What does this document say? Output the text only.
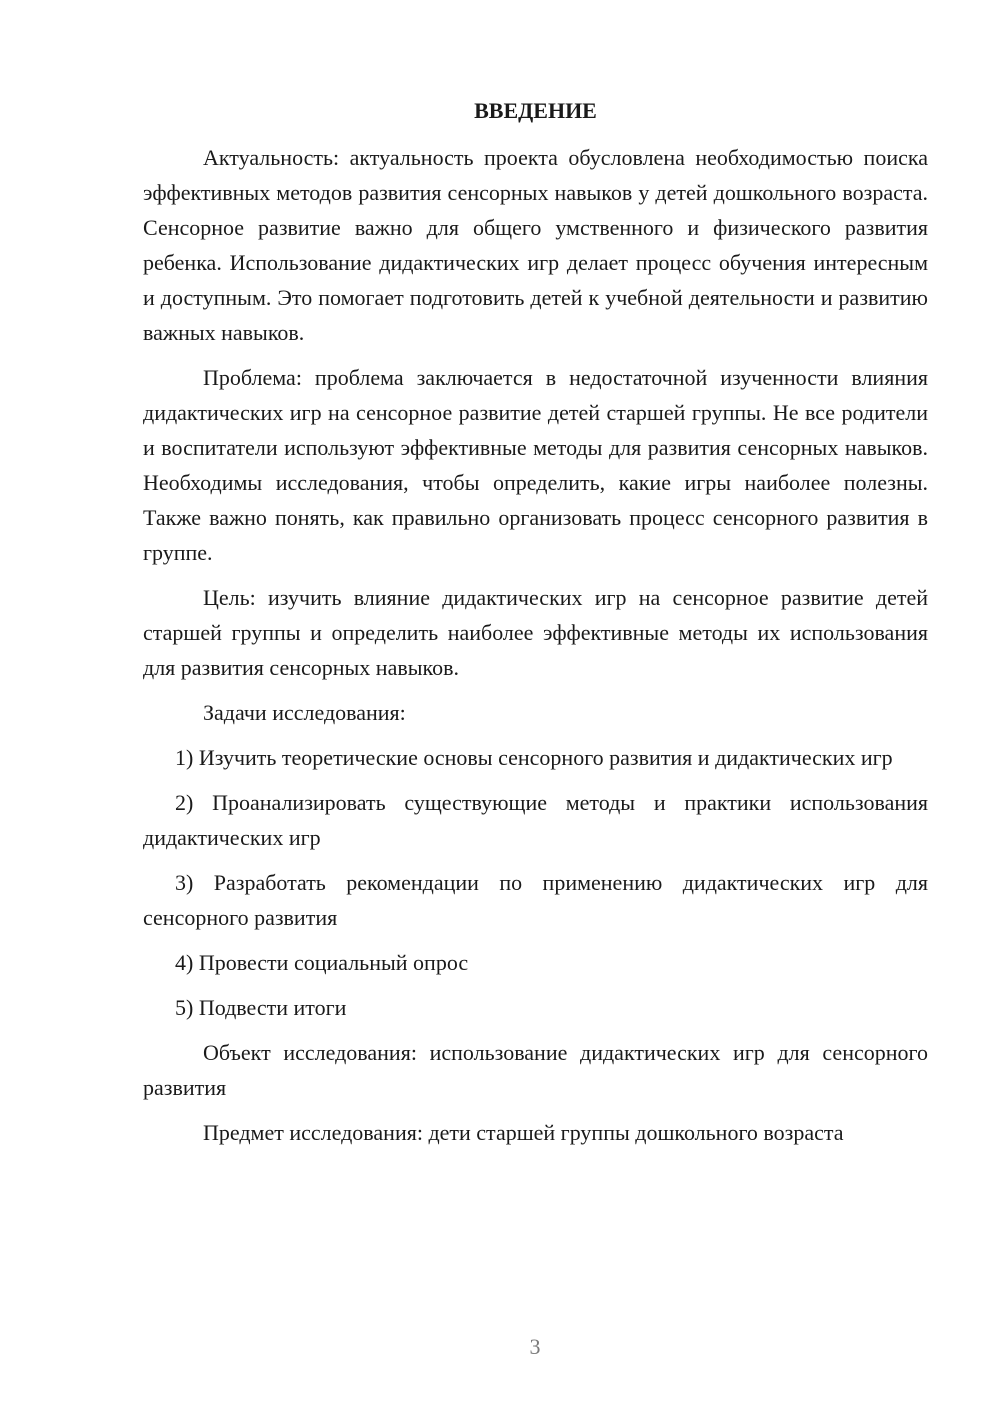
ВВЕДЕНИЕ

Актуальность: актуальность проекта обусловлена необходимостью поиска эффективных методов развития сенсорных навыков у детей дошкольного возраста. Сенсорное развитие важно для общего умственного и физического развития ребенка. Использование дидактических игр делает процесс обучения интересным и доступным. Это помогает подготовить детей к учебной деятельности и развитию важных навыков.

Проблема: проблема заключается в недостаточной изученности влияния дидактических игр на сенсорное развитие детей старшей группы. Не все родители и воспитатели используют эффективные методы для развития сенсорных навыков. Необходимы исследования, чтобы определить, какие игры наиболее полезны. Также важно понять, как правильно организовать процесс сенсорного развития в группе.

Цель: изучить влияние дидактических игр на сенсорное развитие детей старшей группы и определить наиболее эффективные методы их использования для развития сенсорных навыков.

Задачи исследования:

1) Изучить теоретические основы сенсорного развития и дидактических игр

2) Проанализировать существующие методы и практики использования дидактических игр

3) Разработать рекомендации по применению дидактических игр для сенсорного развития

4) Провести социальный опрос

5) Подвести итоги

Объект исследования: использование дидактических игр для сенсорного развития

Предмет исследования: дети старшей группы дошкольного возраста

3
